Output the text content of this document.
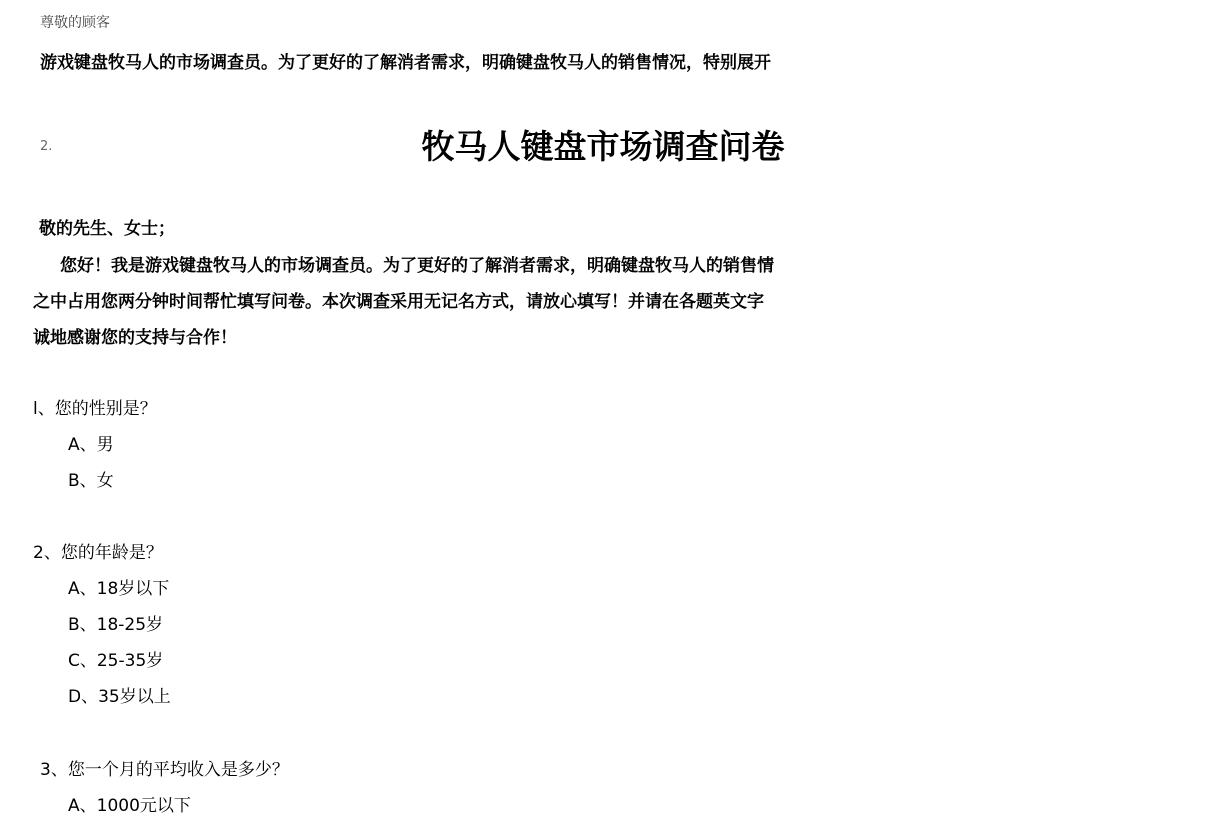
尊敬的顾客
游戏键盘牧马人的市场调查员。为了更好的了解消者需求，明确键盘牧马人的销售情况，特别展开
2.	牧马人键盘市场调查问卷
敬的先生、女士；
您好！我是游戏键盘牧马人的市场调查员。为了更好的了解消者需求，明确键盘牧马人的销售情
之中占用您两分钟时间帮忙填写问卷。本次调查采用无记名方式，请放心填写！并请在各题英文字
诚地感谢您的支持与合作！
l、您的性别是？
A、男
B、女
2、您的年龄是？
A、18岁以下
B、18-25岁
C、25-35岁
D、35岁以上
3、您一个月的平均收入是多少？
A、1000元以下
